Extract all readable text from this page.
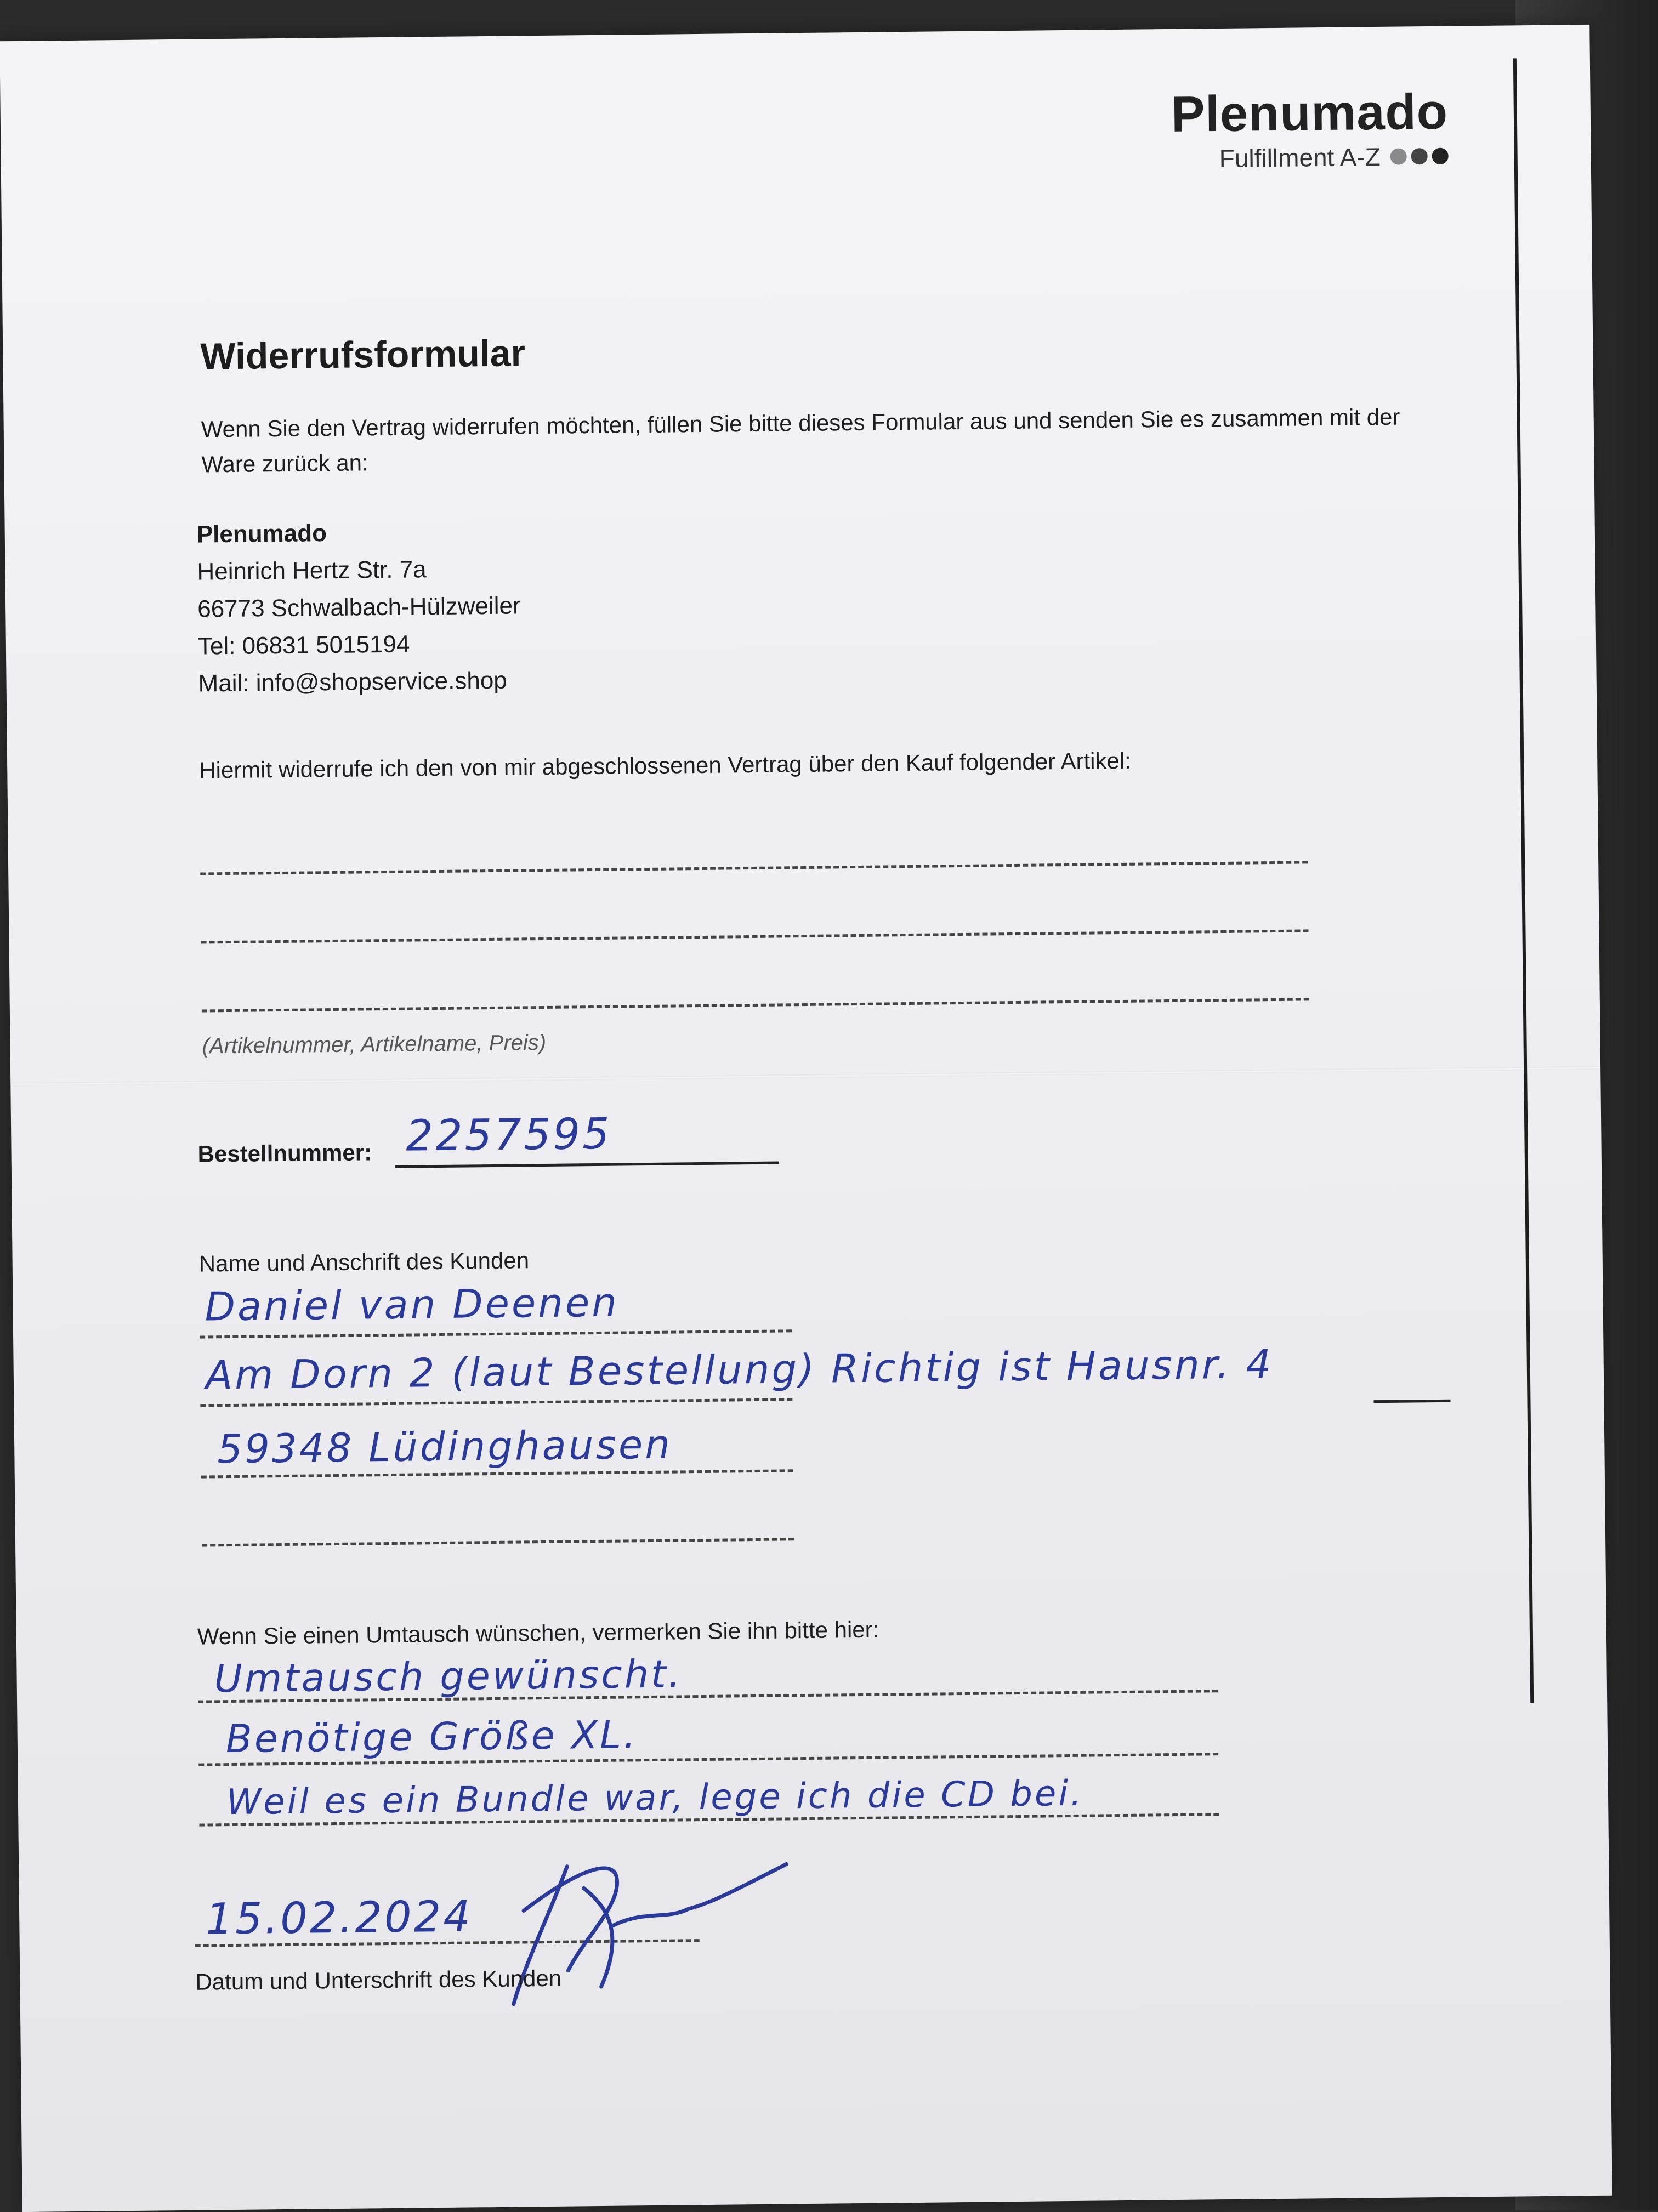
Plenumado
Fulfillment A-Z
Widerrufsformular
Wenn Sie den Vertrag widerrufen möchten, füllen Sie bitte dieses Formular aus und senden Sie es zusammen mit der Ware zurück an:
Plenumado
Heinrich Hertz Str. 7a
66773 Schwalbach-Hülzweiler
Tel: 06831 5015194
Mail: info@shopservice.shop
Hiermit widerrufe ich den von mir abgeschlossenen Vertrag über den Kauf folgender Artikel:
(Artikelnummer, Artikelname, Preis)
Bestellnummer: 2257595
Name und Anschrift des Kunden
Daniel van Deenen
Am Dorn 2 (laut Bestellung) Richtig ist Hausnr. 4
59348 Lüdinghausen
Wenn Sie einen Umtausch wünschen, vermerken Sie ihn bitte hier:
Umtausch gewünscht.
Benötige Größe XL.
Weil es ein Bundle war, lege ich die CD bei.
15.02.2024
Datum und Unterschrift des Kunden
